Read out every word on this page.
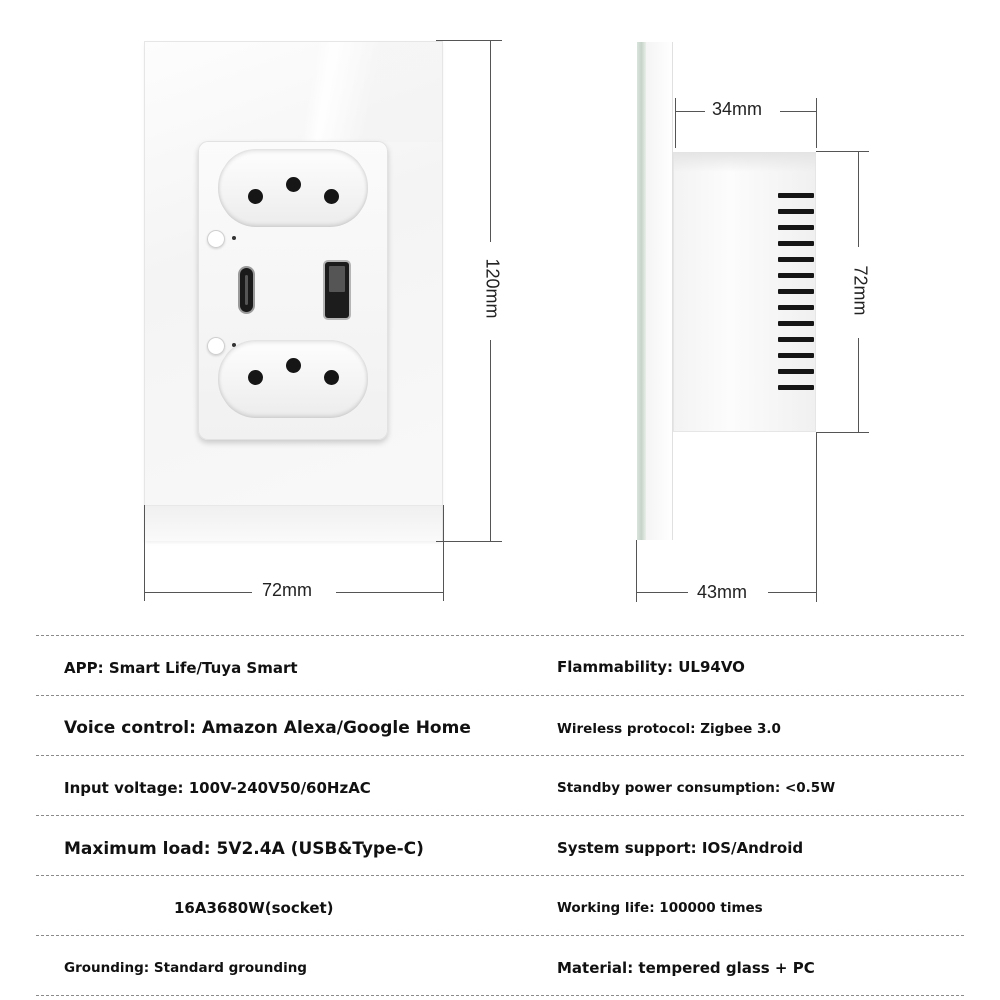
120mm
72mm
34mm
72mm
43mm
APP: Smart Life/Tuya Smart	Flammability: UL94VO
Voice control: Amazon Alexa/Google Home	Wireless protocol: Zigbee 3.0
Input voltage: 100V-240V50/60HzAC	Standby power consumption: <0.5W
Maximum load: 5V2.4A (USB&Type-C)	System support: IOS/Android
16A3680W(socket)	Working life: 100000 times
Grounding: Standard grounding	Material: tempered glass + PC
